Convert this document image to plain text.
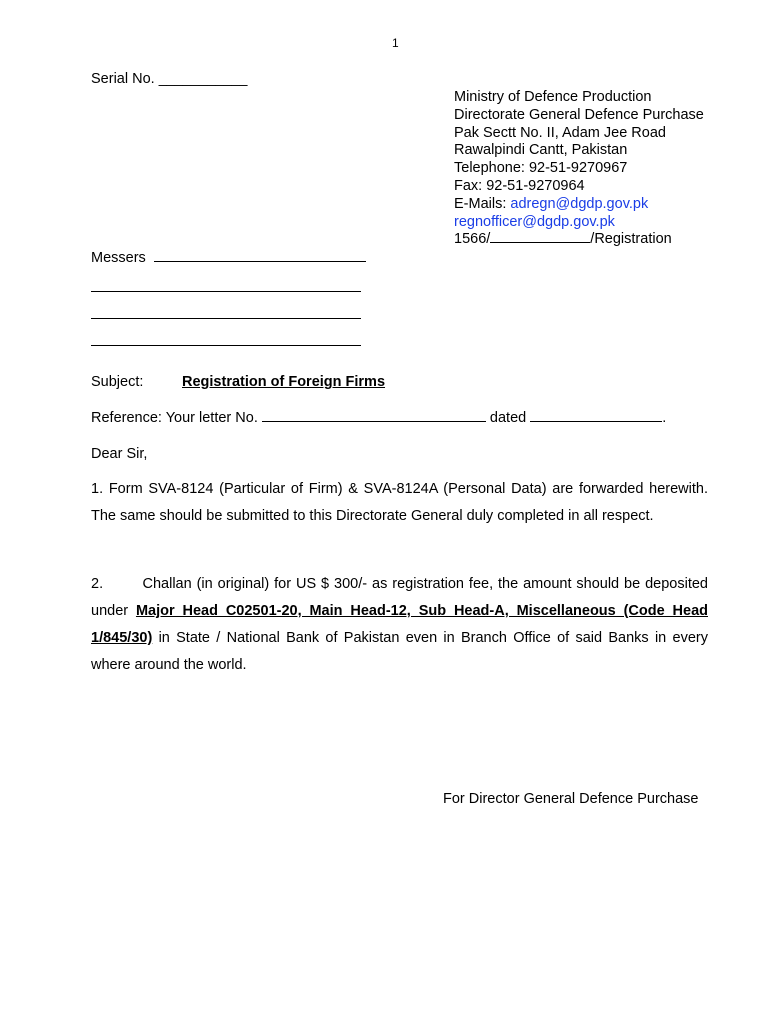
1
Serial No. ___________
Ministry of Defence Production
Directorate General Defence Purchase
Pak Sectt No. II, Adam Jee Road
Rawalpindi Cantt, Pakistan
Telephone: 92-51-9270967
Fax: 92-51-9270964
E-Mails: adregn@dgdp.gov.pk
regnofficer@dgdp.gov.pk
1566/	/Registration
Messers
Subject:	Registration of Foreign Firms
Reference: Your letter No.	dated	.
Dear Sir,
1. Form SVA-8124 (Particular of Firm) & SVA-8124A (Personal Data) are forwarded herewith. The same should be submitted to this Directorate General duly completed in all respect.
2.	Challan (in original) for US $ 300/- as registration fee, the amount should be deposited under Major Head C02501-20, Main Head-12, Sub Head-A, Miscellaneous (Code Head 1/845/30) in State / National Bank of Pakistan even in Branch Office of said Banks in every where around the world.
For Director General Defence Purchase
